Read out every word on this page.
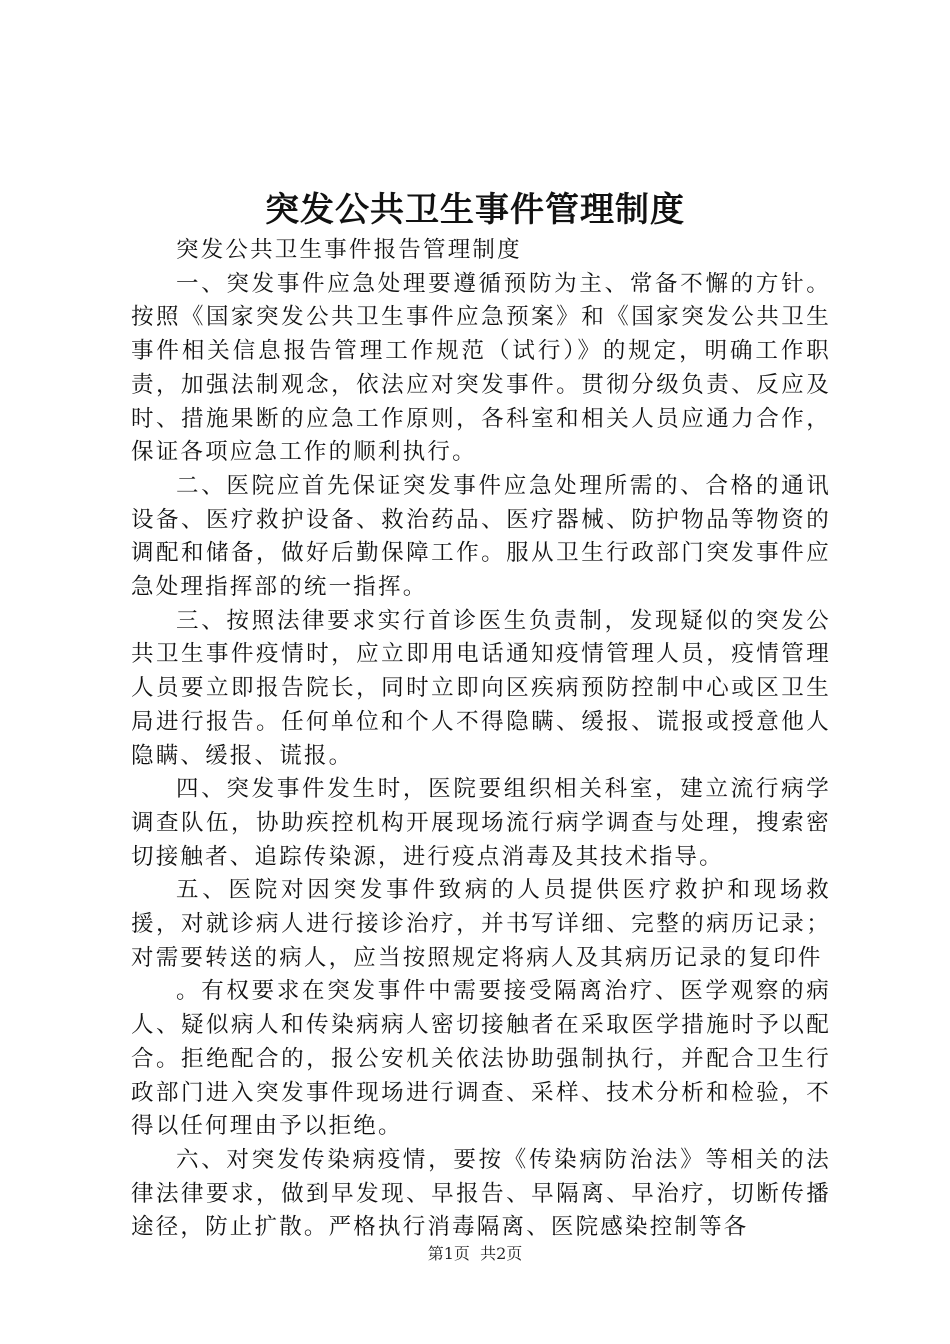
突发公共卫生事件管理制度

突发公共卫生事件报告管理制度

一、突发事件应急处理要遵循预防为主、常备不懈的方针。按照《国家突发公共卫生事件应急预案》和《国家突发公共卫生事件相关信息报告管理工作规范（试行）》的规定，明确工作职责，加强法制观念，依法应对突发事件。贯彻分级负责、反应及时、措施果断的应急工作原则，各科室和相关人员应通力合作，保证各项应急工作的顺利执行。

二、医院应首先保证突发事件应急处理所需的、合格的通讯设备、医疗救护设备、救治药品、医疗器械、防护物品等物资的调配和储备，做好后勤保障工作。服从卫生行政部门突发事件应急处理指挥部的统一指挥。

三、按照法律要求实行首诊医生负责制，发现疑似的突发公共卫生事件疫情时，应立即用电话通知疫情管理人员，疫情管理人员要立即报告院长，同时立即向区疾病预防控制中心或区卫生局进行报告。任何单位和个人不得隐瞒、缓报、谎报或授意他人隐瞒、缓报、谎报。

四、突发事件发生时，医院要组织相关科室，建立流行病学调查队伍，协助疾控机构开展现场流行病学调查与处理，搜索密切接触者、追踪传染源，进行疫点消毒及其技术指导。

五、医院对因突发事件致病的人员提供医疗救护和现场救援，对就诊病人进行接诊治疗，并书写详细、完整的病历记录；对需要转送的病人，应当按照规定将病人及其病历记录的复印件

。有权要求在突发事件中需要接受隔离治疗、医学观察的病人、疑似病人和传染病病人密切接触者在采取医学措施时予以配合。拒绝配合的，报公安机关依法协助强制执行，并配合卫生行政部门进入突发事件现场进行调查、采样、技术分析和检验，不得以任何理由予以拒绝。

六、对突发传染病疫情，要按《传染病防治法》等相关的法律法律要求，做到早发现、早报告、早隔离、早治疗，切断传播途径，防止扩散。严格执行消毒隔离、医院感染控制等各

第1页  共2页
